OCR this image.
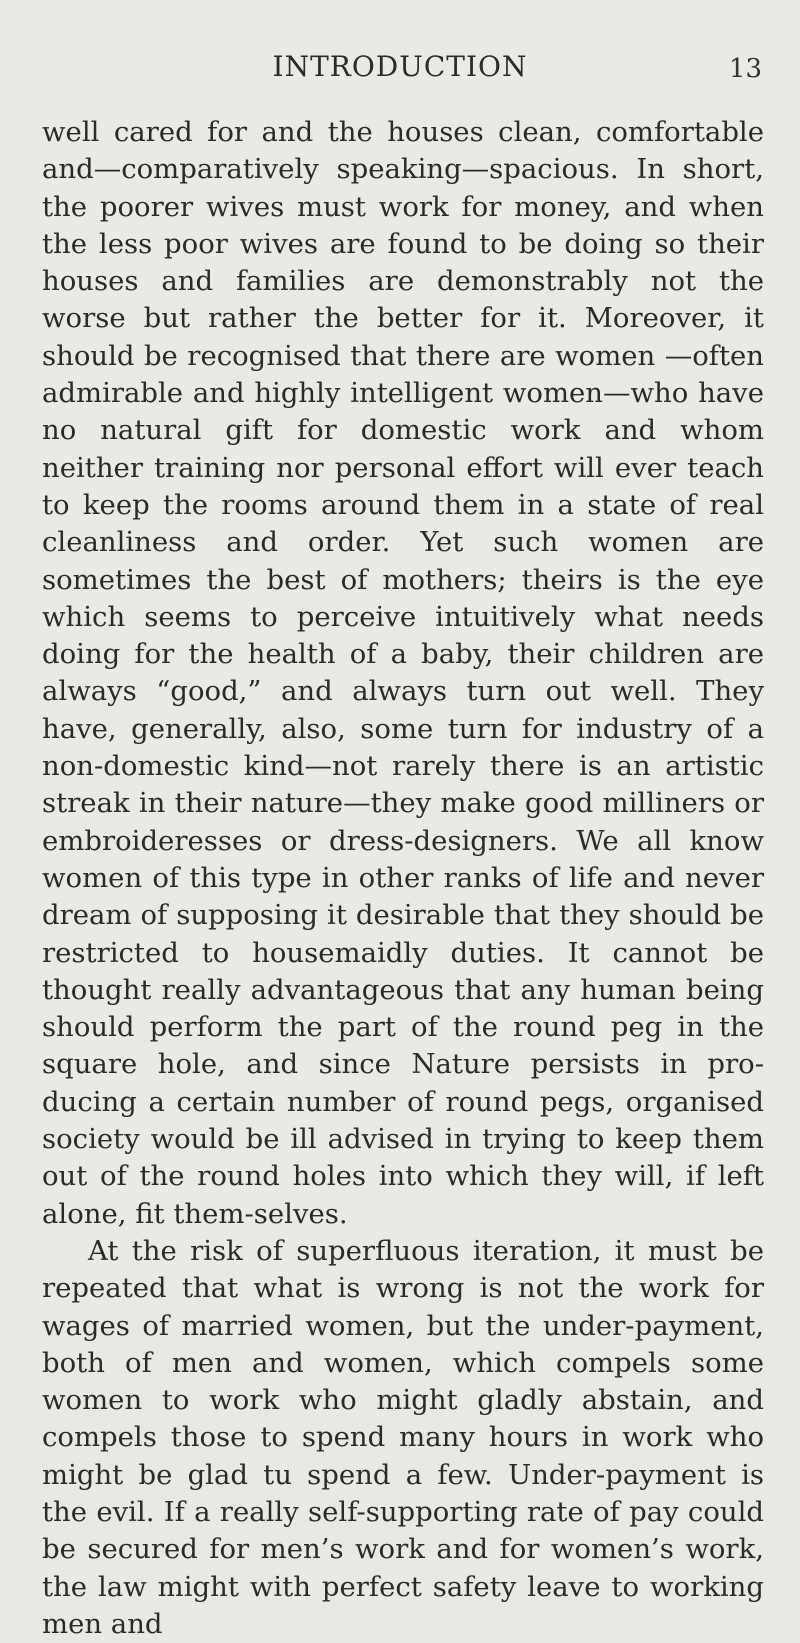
INTRODUCTION	13

well cared for and the houses clean, comfortable and—comparatively speaking—spacious. In short, the poorer wives must work for money, and when the less poor wives are found to be doing so their houses and families are demonstrably not the worse but rather the better for it. Moreover, it should be recognised that there are women —often admirable and highly intelligent women—who have no natural gift for domestic work and whom neither training nor personal effort will ever teach to keep the rooms around them in a state of real cleanliness and order. Yet such women are sometimes the best of mothers; theirs is the eye which seems to perceive intuitively what needs doing for the health of a baby, their children are always “good,” and always turn out well. They have, generally, also, some turn for industry of a non-domestic kind—not rarely there is an artistic streak in their nature—they make good milliners or embroideresses or dress-designers. We all know women of this type in other ranks of life and never dream of supposing it desirable that they should be restricted to housemaidly duties. It cannot be thought really advantageous that any human being should perform the part of the round peg in the square hole, and since Nature persists in pro-ducing a certain number of round pegs, organised society would be ill advised in trying to keep them out of the round holes into which they will, if left alone, fit them-selves.

At the risk of superfluous iteration, it must be repeated that what is wrong is not the work for wages of married women, but the under-payment, both of men and women, which compels some women to work who might gladly abstain, and compels those to spend many hours in work who might be glad tu spend a few. Under-payment is the evil. If a really self-supporting rate of pay could be secured for men’s work and for women’s work, the law might with perfect safety leave to working men and
